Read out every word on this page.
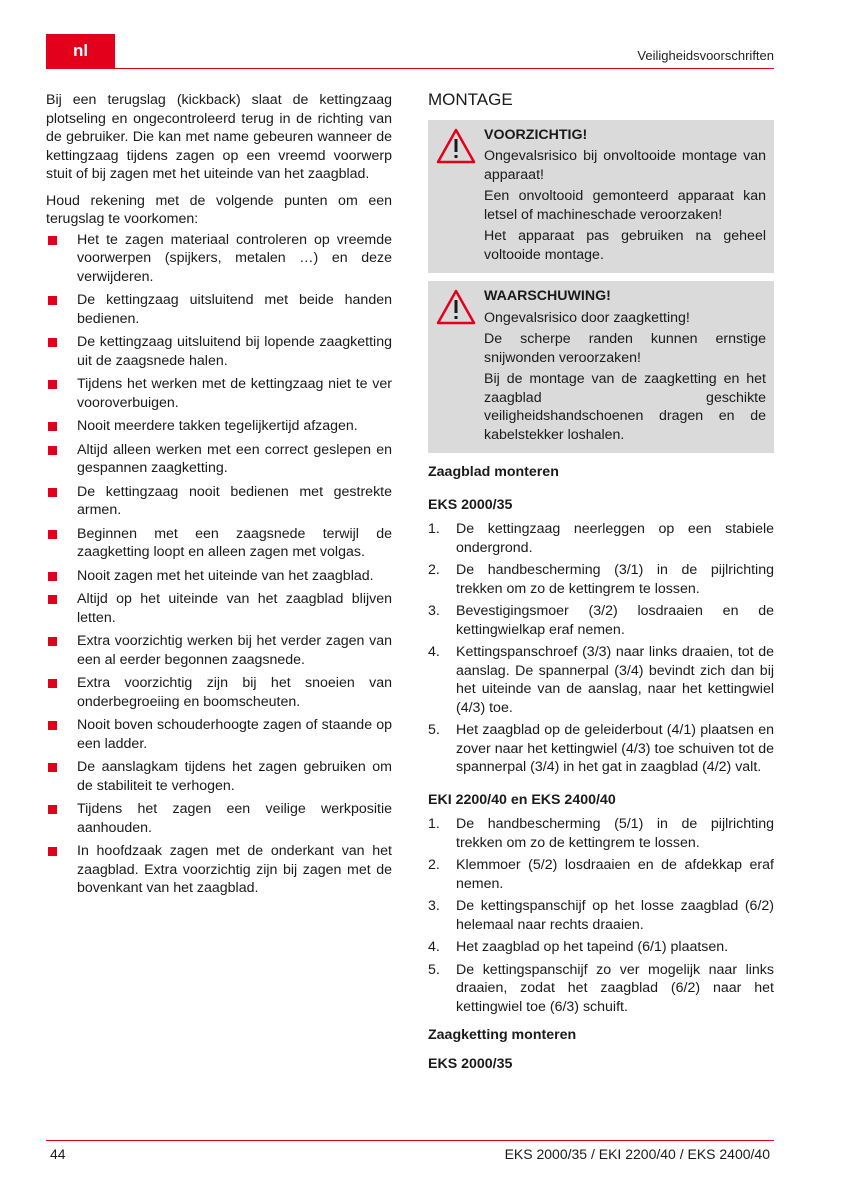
nl	Veiligheidsvoorschriften

Bij een terugslag (kickback) slaat de kettingzaag plotseling en ongecontroleerd terug in de richting van de gebruiker. Die kan met name gebeuren wanneer de kettingzaag tijdens zagen op een vreemd voorwerp stuit of bij zagen met het uiteinde van het zaagblad.

Houd rekening met de volgende punten om een terugslag te voorkomen:

Het te zagen materiaal controleren op vreemde voorwerpen (spijkers, metalen …) en deze verwijderen.
De kettingzaag uitsluitend met beide handen bedienen.
De kettingzaag uitsluitend bij lopende zaagketting uit de zaagsnede halen.
Tijdens het werken met de kettingzaag niet te ver vooroverbuigen.
Nooit meerdere takken tegelijkertijd afzagen.
Altijd alleen werken met een correct geslepen en gespannen zaagketting.
De kettingzaag nooit bedienen met gestrekte armen.
Beginnen met een zaagsnede terwijl de zaagketting loopt en alleen zagen met volgas.
Nooit zagen met het uiteinde van het zaagblad.
Altijd op het uiteinde van het zaagblad blijven letten.
Extra voorzichtig werken bij het verder zagen van een al eerder begonnen zaagsnede.
Extra voorzichtig zijn bij het snoeien van onderbegroeiing en boomscheuten.
Nooit boven schouderhoogte zagen of staande op een ladder.
De aanslagkam tijdens het zagen gebruiken om de stabiliteit te verhogen.
Tijdens het zagen een veilige werkpositie aanhouden.
In hoofdzaak zagen met de onderkant van het zaagblad. Extra voorzichtig zijn bij zagen met de bovenkant van het zaagblad.
MONTAGE
VOORZICHTIG!

Ongevalsrisico bij onvoltooide montage van apparaat!

Een onvoltooid gemonteerd apparaat kan letsel of machineschade veroorzaken!

Het apparaat pas gebruiken na geheel voltooide montage.

WAARSCHUWING!

Ongevalsrisico door zaagketting!

De scherpe randen kunnen ernstige snijwonden veroorzaken!

Bij de montage van de zaagketting en het zaagblad geschikte veiligheidshandschoenen dragen en de kabelstekker loshalen.

Zaagblad monteren
EKS 2000/35
1. De kettingzaag neerleggen op een stabiele ondergrond.
2. De handbescherming (3/1) in de pijlrichting trekken om zo de kettingrem te lossen.
3. Bevestigingsmoer (3/2) losdraaien en de kettingwielkap eraf nemen.
4. Kettingspanschroef (3/3) naar links draaien, tot de aanslag. De spannerpal (3/4) bevindt zich dan bij het uiteinde van de aanslag, naar het kettingwiel (4/3) toe.
5. Het zaagblad op de geleiderbout (4/1) plaatsen en zover naar het kettingwiel (4/3) toe schuiven tot de spannerpal (3/4) in het gat in zaagblad (4/2) valt.
EKI 2200/40 en EKS 2400/40
1. De handbescherming (5/1) in de pijlrichting trekken om zo de kettingrem te lossen.
2. Klemmoer (5/2) losdraaien en de afdekkap eraf nemen.
3. De kettingspanschijf op het losse zaagblad (6/2) helemaal naar rechts draaien.
4. Het zaagblad op het tapeind (6/1) plaatsen.
5. De kettingspanschijf zo ver mogelijk naar links draaien, zodat het zaagblad (6/2) naar het kettingwiel toe (6/3) schuift.
Zaagketting monteren
EKS 2000/35
44	EKS 2000/35 / EKI 2200/40 / EKS 2400/40
